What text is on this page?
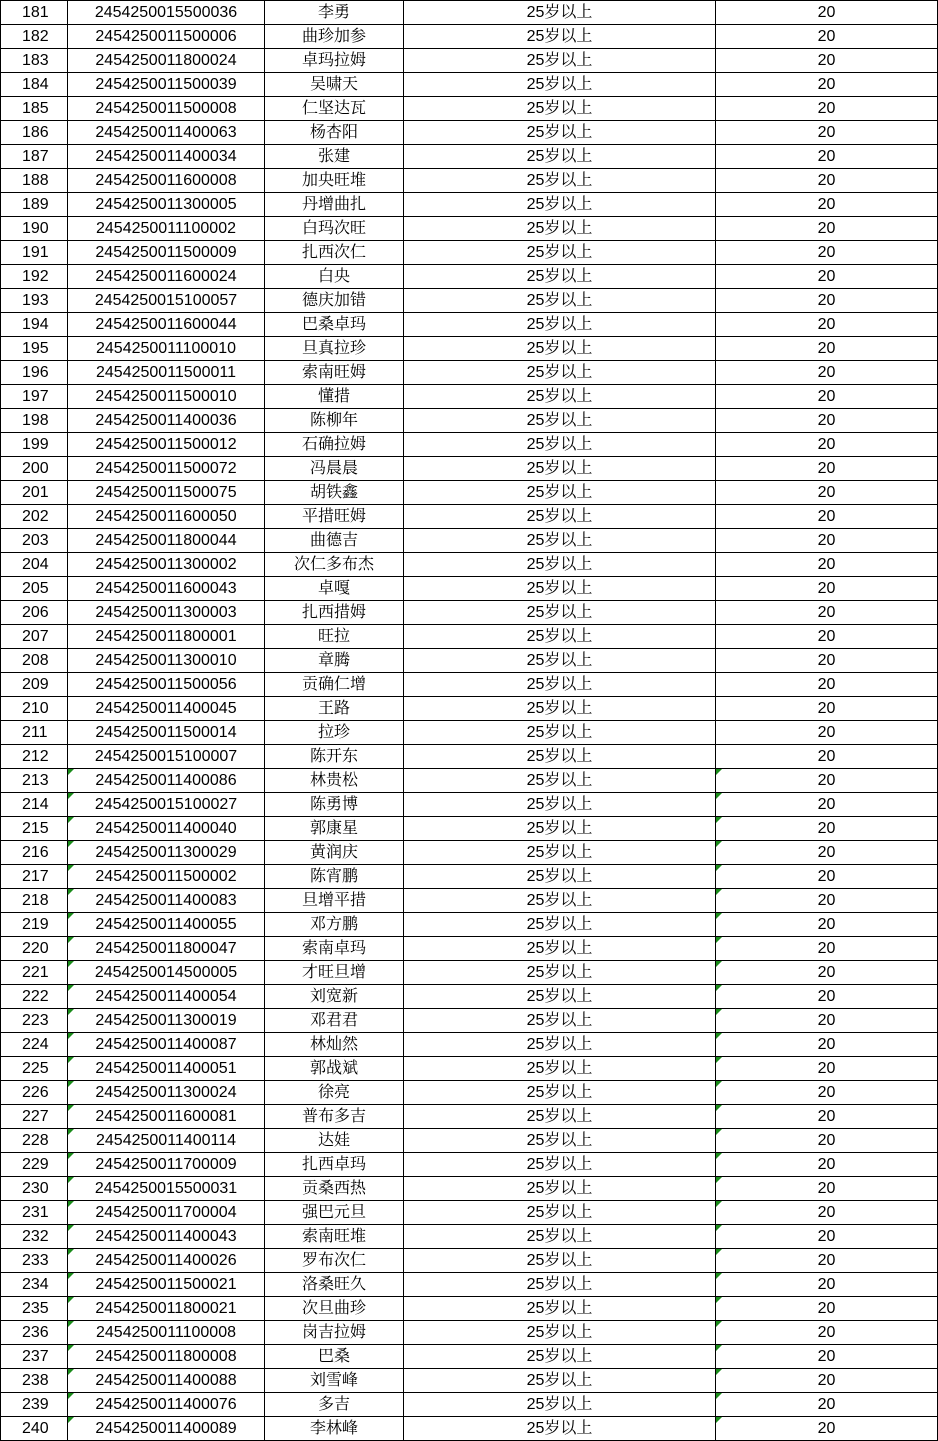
181	2454250015500036	李勇	25岁以上	20
182	2454250011500006	曲珍加参	25岁以上	20
183	2454250011800024	卓玛拉姆	25岁以上	20
184	2454250011500039	吴啸天	25岁以上	20
185	2454250011500008	仁坚达瓦	25岁以上	20
186	2454250011400063	杨杏阳	25岁以上	20
187	2454250011400034	张建	25岁以上	20
188	2454250011600008	加央旺堆	25岁以上	20
189	2454250011300005	丹增曲扎	25岁以上	20
190	2454250011100002	白玛次旺	25岁以上	20
191	2454250011500009	扎西次仁	25岁以上	20
192	2454250011600024	白央	25岁以上	20
193	2454250015100057	德庆加错	25岁以上	20
194	2454250011600044	巴桑卓玛	25岁以上	20
195	2454250011100010	旦真拉珍	25岁以上	20
196	2454250011500011	索南旺姆	25岁以上	20
197	2454250011500010	懂措	25岁以上	20
198	2454250011400036	陈柳年	25岁以上	20
199	2454250011500012	石确拉姆	25岁以上	20
200	2454250011500072	冯晨晨	25岁以上	20
201	2454250011500075	胡铁鑫	25岁以上	20
202	2454250011600050	平措旺姆	25岁以上	20
203	2454250011800044	曲德吉	25岁以上	20
204	2454250011300002	次仁多布杰	25岁以上	20
205	2454250011600043	卓嘎	25岁以上	20
206	2454250011300003	扎西措姆	25岁以上	20
207	2454250011800001	旺拉	25岁以上	20
208	2454250011300010	章腾	25岁以上	20
209	2454250011500056	贡确仁增	25岁以上	20
210	2454250011400045	王路	25岁以上	20
211	2454250011500014	拉珍	25岁以上	20
212	2454250015100007	陈开东	25岁以上	20
213	2454250011400086	林贵松	25岁以上	20
214	2454250015100027	陈勇博	25岁以上	20
215	2454250011400040	郭康星	25岁以上	20
216	2454250011300029	黄润庆	25岁以上	20
217	2454250011500002	陈宵鹏	25岁以上	20
218	2454250011400083	旦增平措	25岁以上	20
219	2454250011400055	邓方鹏	25岁以上	20
220	2454250011800047	索南卓玛	25岁以上	20
221	2454250014500005	才旺旦增	25岁以上	20
222	2454250011400054	刘宽新	25岁以上	20
223	2454250011300019	邓君君	25岁以上	20
224	2454250011400087	林灿然	25岁以上	20
225	2454250011400051	郭战斌	25岁以上	20
226	2454250011300024	徐亮	25岁以上	20
227	2454250011600081	普布多吉	25岁以上	20
228	2454250011400114	达娃	25岁以上	20
229	2454250011700009	扎西卓玛	25岁以上	20
230	2454250015500031	贡桑西热	25岁以上	20
231	2454250011700004	强巴元旦	25岁以上	20
232	2454250011400043	索南旺堆	25岁以上	20
233	2454250011400026	罗布次仁	25岁以上	20
234	2454250011500021	洛桑旺久	25岁以上	20
235	2454250011800021	次旦曲珍	25岁以上	20
236	2454250011100008	岗吉拉姆	25岁以上	20
237	2454250011800008	巴桑	25岁以上	20
238	2454250011400088	刘雪峰	25岁以上	20
239	2454250011400076	多吉	25岁以上	20
240	2454250011400089	李林峰	25岁以上	20
